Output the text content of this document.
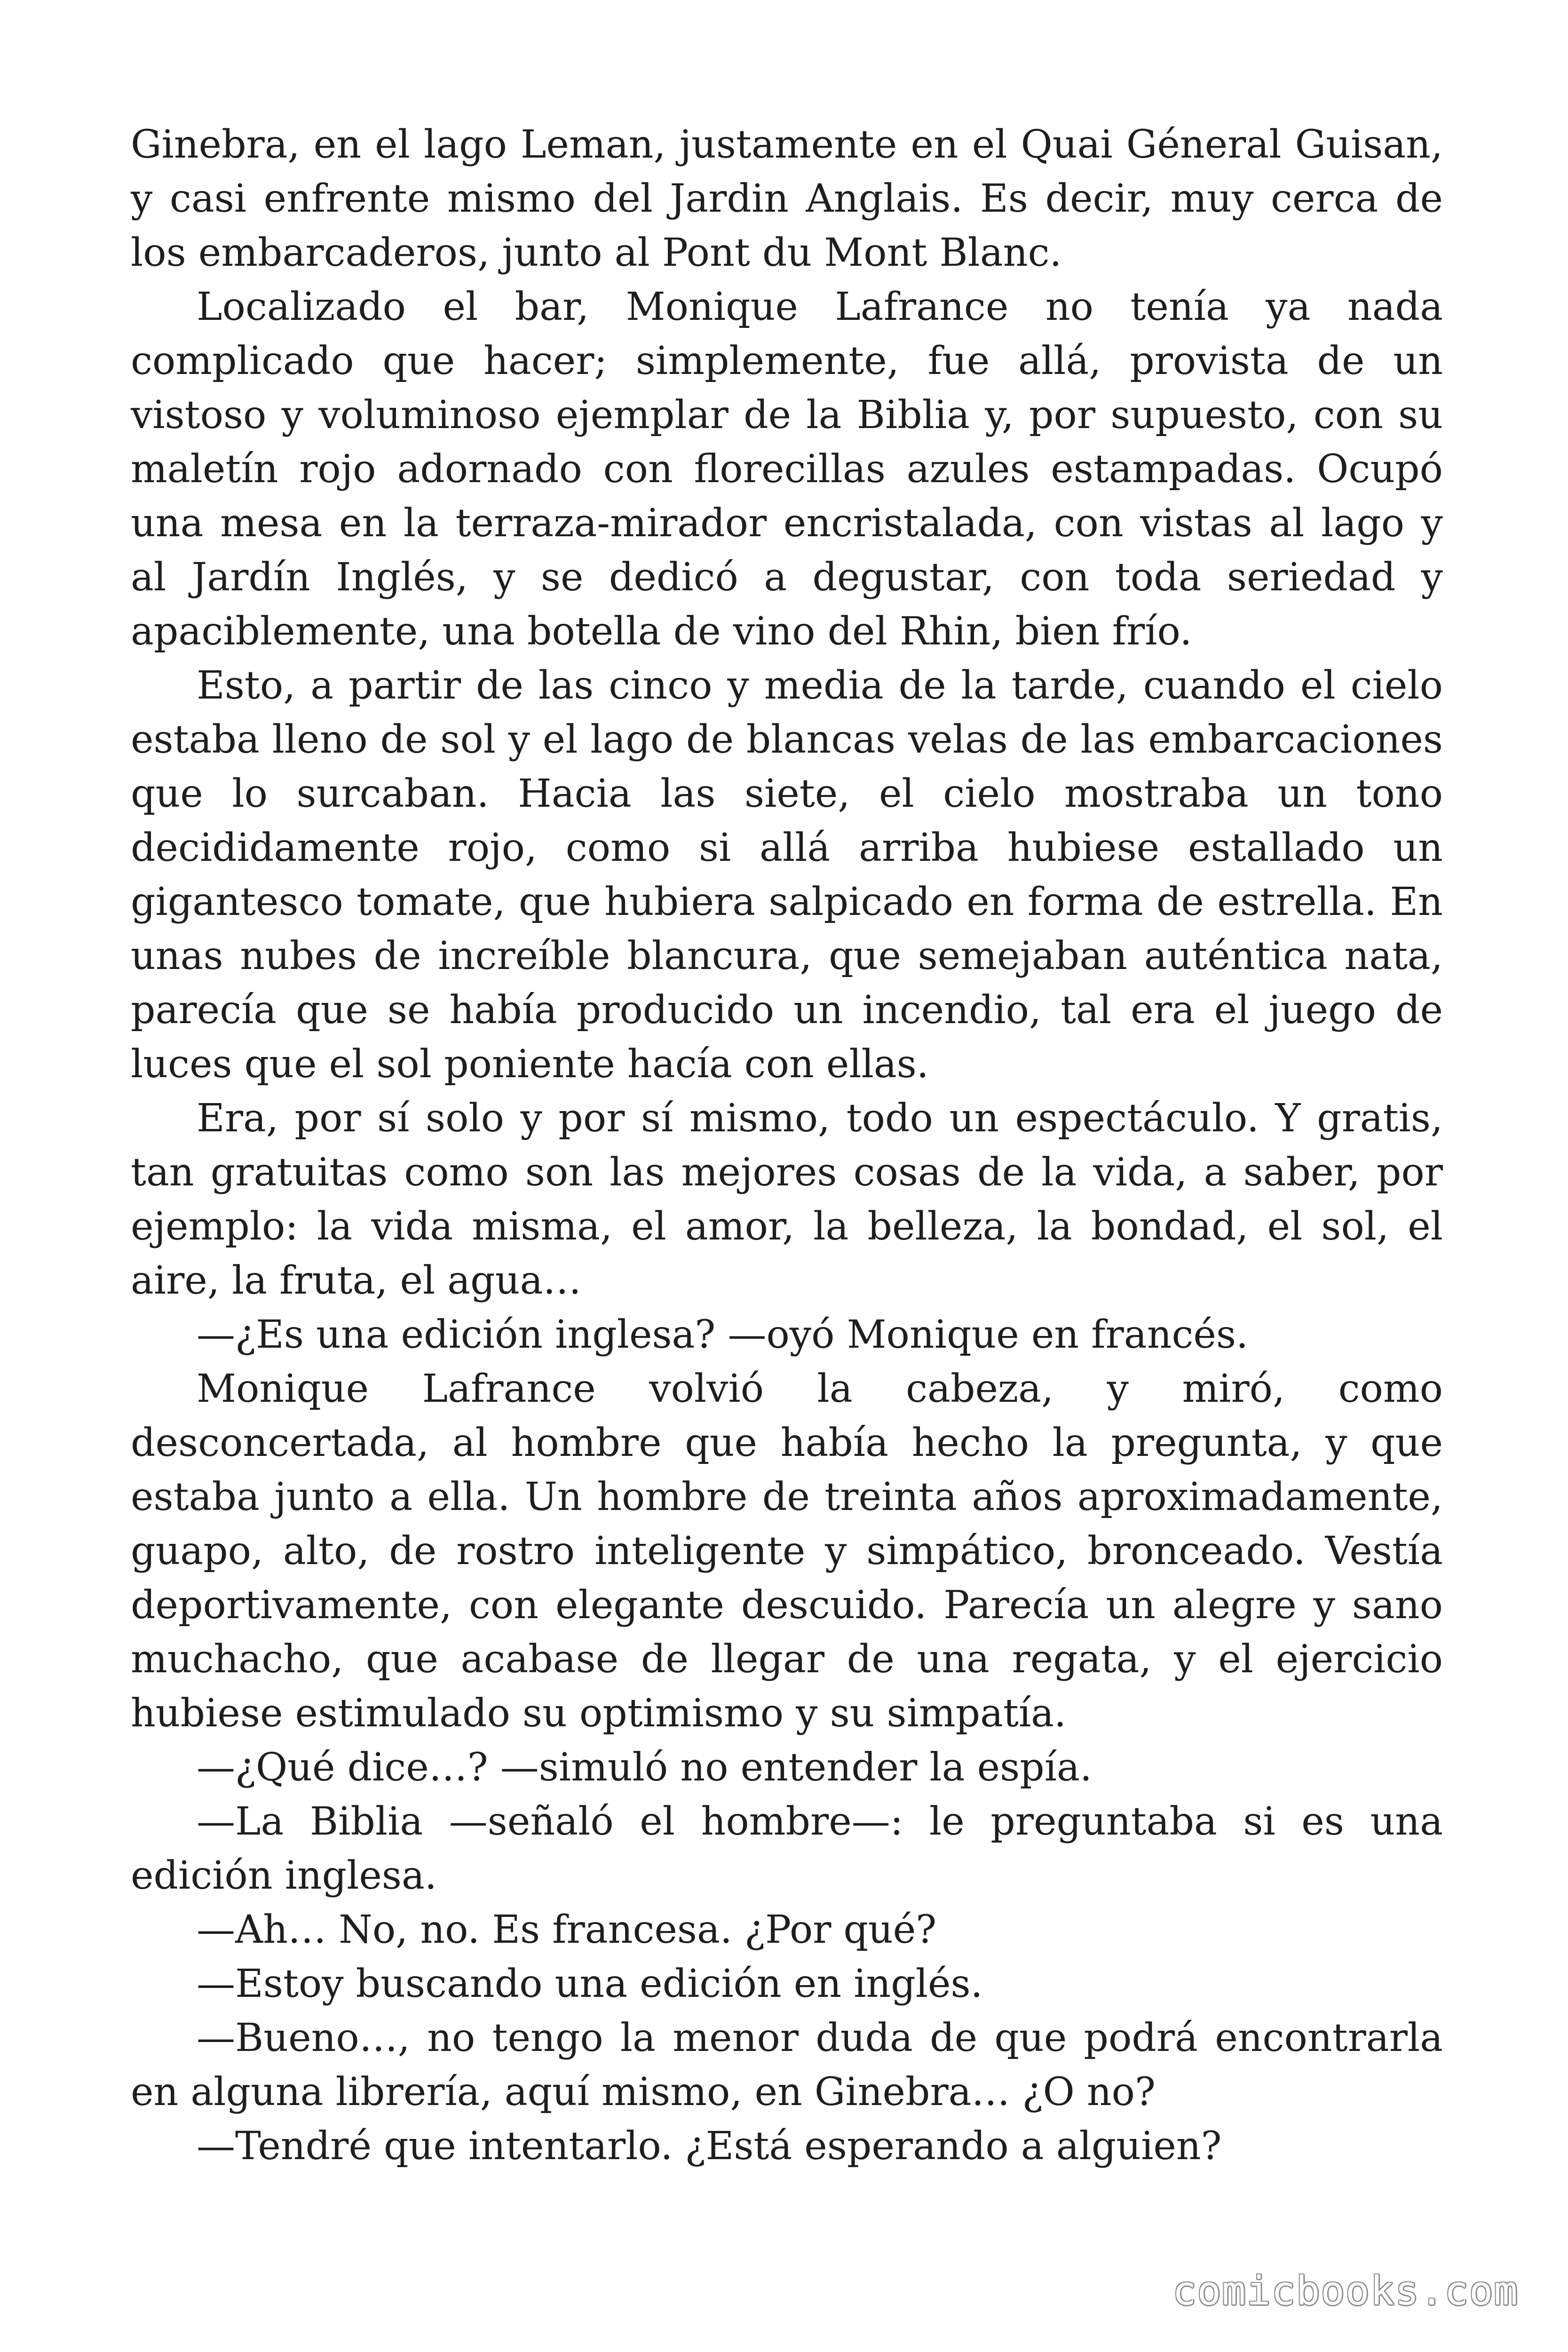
Ginebra, en el lago Leman, justamente en el Quai Géneral Guisan, y casi enfrente mismo del Jardin Anglais. Es decir, muy cerca de los embarcaderos, junto al Pont du Mont Blanc.

Localizado el bar, Monique Lafrance no tenía ya nada complicado que hacer; simplemente, fue allá, provista de un vistoso y voluminoso ejemplar de la Biblia y, por supuesto, con su maletín rojo adornado con florecillas azules estampadas. Ocupó una mesa en la terraza-mirador encristalada, con vistas al lago y al Jardín Inglés, y se dedicó a degustar, con toda seriedad y apaciblemente, una botella de vino del Rhin, bien frío.

Esto, a partir de las cinco y media de la tarde, cuando el cielo estaba lleno de sol y el lago de blancas velas de las embarcaciones que lo surcaban. Hacia las siete, el cielo mostraba un tono decididamente rojo, como si allá arriba hubiese estallado un gigantesco tomate, que hubiera salpicado en forma de estrella. En unas nubes de increíble blancura, que semejaban auténtica nata, parecía que se había producido un incendio, tal era el juego de luces que el sol poniente hacía con ellas.

Era, por sí solo y por sí mismo, todo un espectáculo. Y gratis, tan gratuitas como son las mejores cosas de la vida, a saber, por ejemplo: la vida misma, el amor, la belleza, la bondad, el sol, el aire, la fruta, el agua…

—¿Es una edición inglesa? —oyó Monique en francés.

Monique Lafrance volvió la cabeza, y miró, como desconcertada, al hombre que había hecho la pregunta, y que estaba junto a ella. Un hombre de treinta años aproximadamente, guapo, alto, de rostro inteligente y simpático, bronceado. Vestía deportivamente, con elegante descuido. Parecía un alegre y sano muchacho, que acabase de llegar de una regata, y el ejercicio hubiese estimulado su optimismo y su simpatía.

—¿Qué dice…? —simuló no entender la espía.

—La Biblia —señaló el hombre—: le preguntaba si es una edición inglesa.

—Ah… No, no. Es francesa. ¿Por qué?

—Estoy buscando una edición en inglés.

—Bueno…, no tengo la menor duda de que podrá encontrarla en alguna librería, aquí mismo, en Ginebra… ¿O no?

—Tendré que intentarlo. ¿Está esperando a alguien?

comicbooks.com
